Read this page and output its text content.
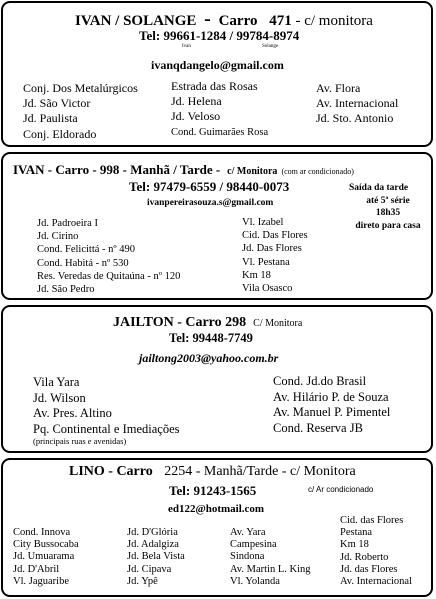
IVAN / SOLANGE - Carro 471 - c/ monitora
Tel: 99661-1284 / 99784-8974
Ivan	Solange
ivanqdangelo@gmail.com
Conj. Dos Metalúrgicos
Jd. São Victor
Jd. Paulista
Conj. Eldorado
Estrada das Rosas
Jd. Helena
Jd. Veloso
Cond. Guimarães Rosa
Av. Flora
Av. Internacional
Jd. Sto. Antonio
IVAN - Carro - 998 - Manhã / Tarde - c/ Monitora (com ar condicionado)
Tel: 97479-6559 / 98440-0073
ivanpereirasouza.s@gmail.com
Saída da tarde
até 5ª série
18h35
direto para casa
Jd. Padroeira I
Jd. Cirino
Cond. Felicittá - nº 490
Cond. Habitá - nº 530
Res. Veredas de Quitaúna - nº 120
Jd. São Pedro
Vl. Izabel
Cid. Das Flores
Jd. Das Flores
Vl. Pestana
Km 18
Vila Osasco
JAILTON - Carro 298 C/ Monitora
Tel: 99448-7749
jailtong2003@yahoo.com.br
Vila Yara
Jd. Wilson
Av. Pres. Altino
Pq. Continental e Imediações
(principais ruas e avenidas)
Cond. Jd.do Brasil
Av. Hilário P. de Souza
Av. Manuel P. Pimentel
Cond. Reserva JB
LINO - Carro 2254 - Manhã/Tarde - c/ Monitora
Tel: 91243-1565	c/ Ar condicionado
ed122@hotmail.com
Cond. Innova
City Bussocaba
Jd. Umuarama
Jd. D'Abril
Vl. Jaguaribe
Jd. D'Glória
Jd. Adalgiza
Jd. Bela Vista
Jd. Cipava
Jd. Ypê
Av. Yara
Campesina
Sindona
Av. Martin L. King
Vl. Yolanda
Cid. das Flores
Pestana
Km 18
Jd. Roberto
Jd. das Flores
Av. Internacional
